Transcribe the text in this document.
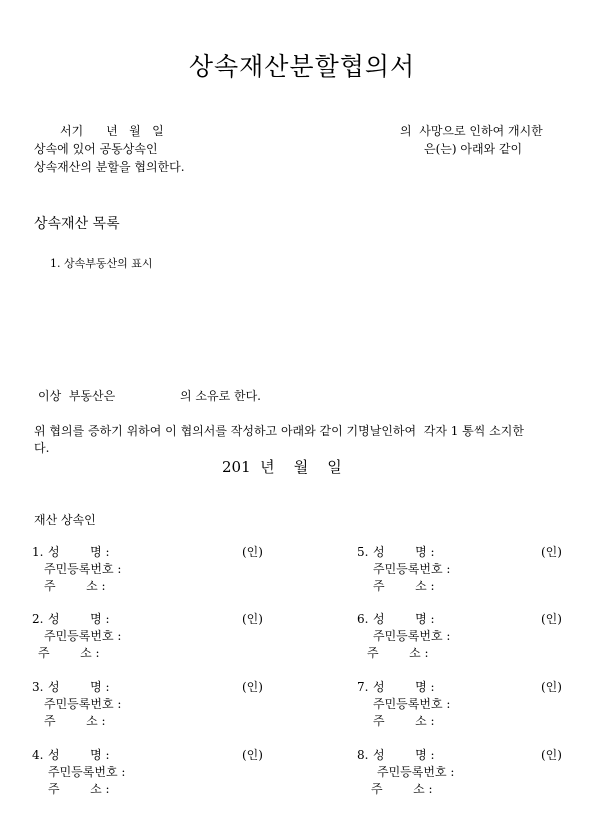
상속재산분할협의서
서기      년   월   일	의  사망으로 인하여 개시한
상속에 있어 공동상속인	은(는) 아래와 같이
상속재산의 분할을 협의한다.
상속재산 목록
1. 상속부동산의 표시
이상  부동산은	의 소유로 한다.
위 협의를 증하기 위하여 이 협의서를 작성하고 아래와 같이 기명날인하여  각자 1 통씩 소지한
다.
201  년    월    일
재산 상속인
1. 성        명 :	(인)
주민등록번호 :
주        소 :
2. 성        명 :	(인)
주민등록번호 :
주        소 :
3. 성        명 :	(인)
주민등록번호 :
주        소 :
4. 성        명 :	(인)
주민등록번호 :
주        소 :
5. 성        명 :	(인)
주민등록번호 :
주        소 :
6. 성        명 :	(인)
주민등록번호 :
주        소 :
7. 성        명 :	(인)
주민등록번호 :
주        소 :
8. 성        명 :	(인)
주민등록번호 :
주        소 :
